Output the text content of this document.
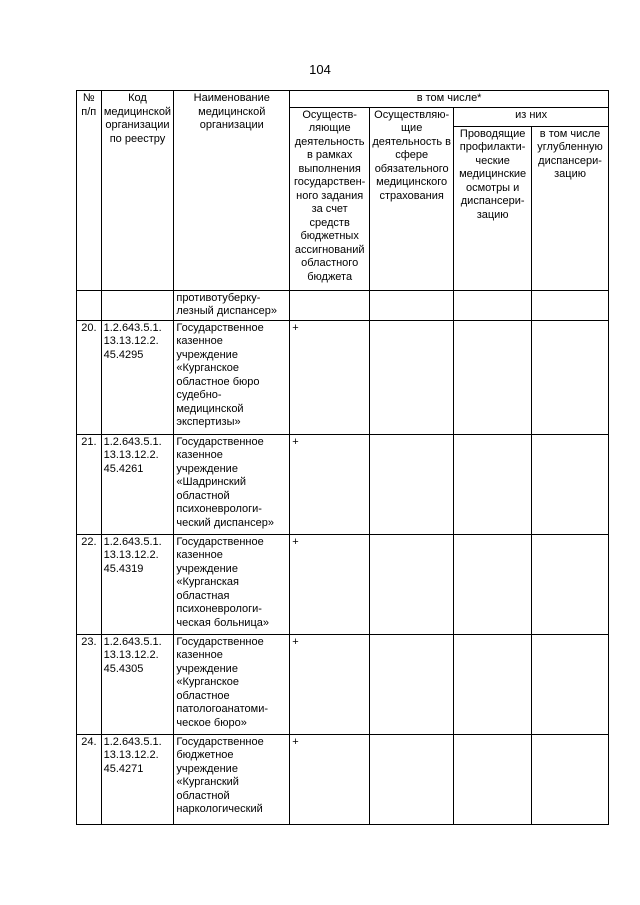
104
№ п/п	Код медицинской организации по реестру	Наименование медицинской организации	в том числе*			
			Осуществ-ляющие деятельность в рамках выполнения государствен-ного задания за счет средств бюджетных ассигнований областного бюджета	Осуществляю-щие деятельность в сфере обязательного медицинского страхования	из них	
					Проводящие профилакти-ческие медицинские осмотры и диспансери-зацию	в том числе углубленную диспансери-зацию
		противотуберку-лезный диспансер»				
20.	1.2.643.5.1. 13.13.12.2. 45.4295	Государственное казенное учреждение «Курганское областное бюро судебно-медицинской экспертизы»	+			
21.	1.2.643.5.1. 13.13.12.2. 45.4261	Государственное казенное учреждение «Шадринский областной психоневрологи-ческий диспансер»	+			
22.	1.2.643.5.1. 13.13.12.2. 45.4319	Государственное казенное учреждение «Курганская областная психоневрологи-ческая больница»	+			
23.	1.2.643.5.1. 13.13.12.2. 45.4305	Государственное казенное учреждение «Курганское областное патологоанатоми-ческое бюро»	+			
24.	1.2.643.5.1. 13.13.12.2. 45.4271	Государственное бюджетное учреждение «Курганский областной наркологический	+			
